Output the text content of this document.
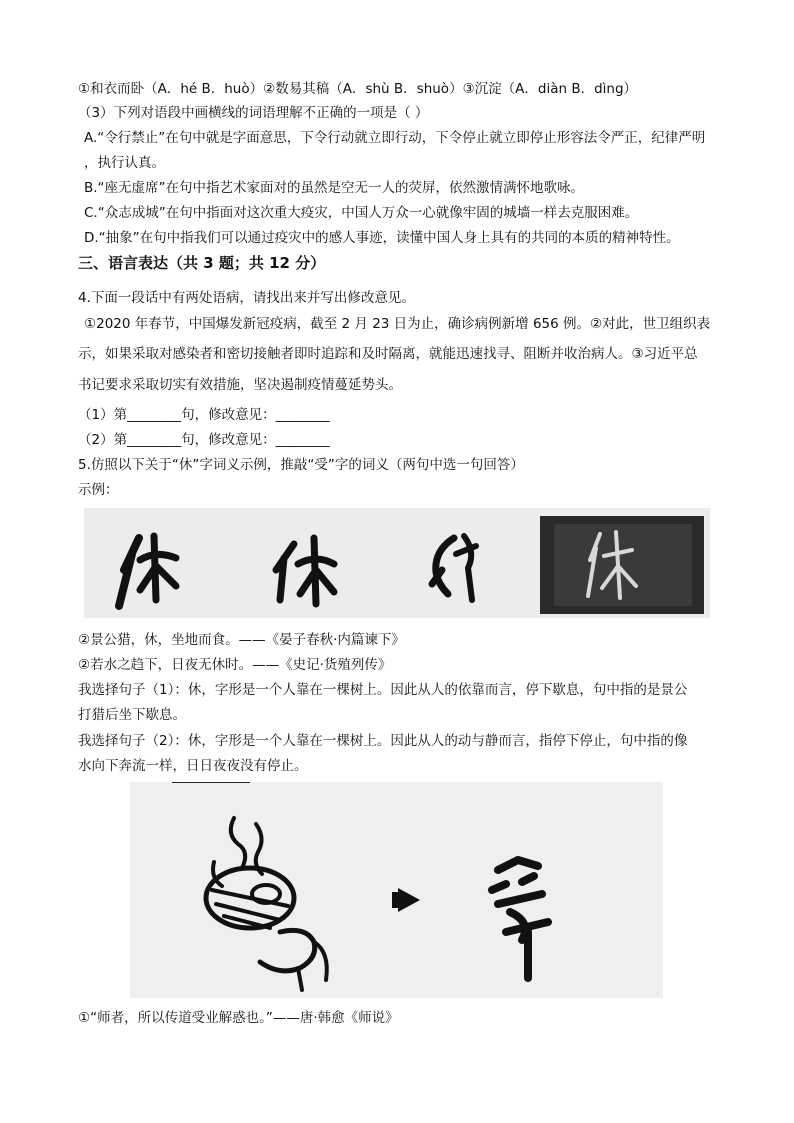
①和衣而卧（A．hé B．huò）②数易其稿（A．shù B．shuò）③沉淀（A．diàn B．dìng）
（3）下列对语段中画横线的词语理解不正确的一项是（ ）
A.“令行禁止”在句中就是字面意思，下令行动就立即行动，下令停止就立即停止形容法令严正，纪律严明
，执行认真。
B.“座无虚席”在句中指艺术家面对的虽然是空无一人的荧屏，依然激情满怀地歌咏。
C.“众志成城”在句中指面对这次重大疫灾，中国人万众一心就像牢固的城墙一样去克服困难。
D.“抽象”在句中指我们可以通过疫灾中的感人事迹，读懂中国人身上具有的共同的本质的精神特性。
三、语言表达（共 3 题；共 12 分）
4.下面一段话中有两处语病，请找出来并写出修改意见。
①2020 年春节，中国爆发新冠疫病，截至 2 月 23 日为止，确诊病例新增 656 例。②对此，世卫组织表
示，如果采取对感染者和密切接触者即时追踪和及时隔离，就能迅速找寻、阻断并收治病人。③习近平总
书记要求采取切实有效措施，坚决遏制疫情蔓延势头。
（1）第________句，修改意见：________
（2）第________句，修改意见：________
5.仿照以下关于“休”字词义示例，推敲“受”字的词义（两句中选一句回答）
示例：
②景公猎，休，坐地而食。——《晏子春秋·内篇谏下》
②若水之趋下，日夜无休时。——《史记·货殖列传》
我选择句子（1）：休，字形是一个人靠在一棵树上。因此从人的依靠而言，停下歇息，句中指的是景公
打猎后坐下歇息。
我选择句子（2）：休，字形是一个人靠在一棵树上。因此从人的动与静而言，指停下停止，句中指的像
水向下奔流一样，日日夜夜没有停止。
①“师者，所以传道受业解惑也。”——唐·韩愈《师说》
